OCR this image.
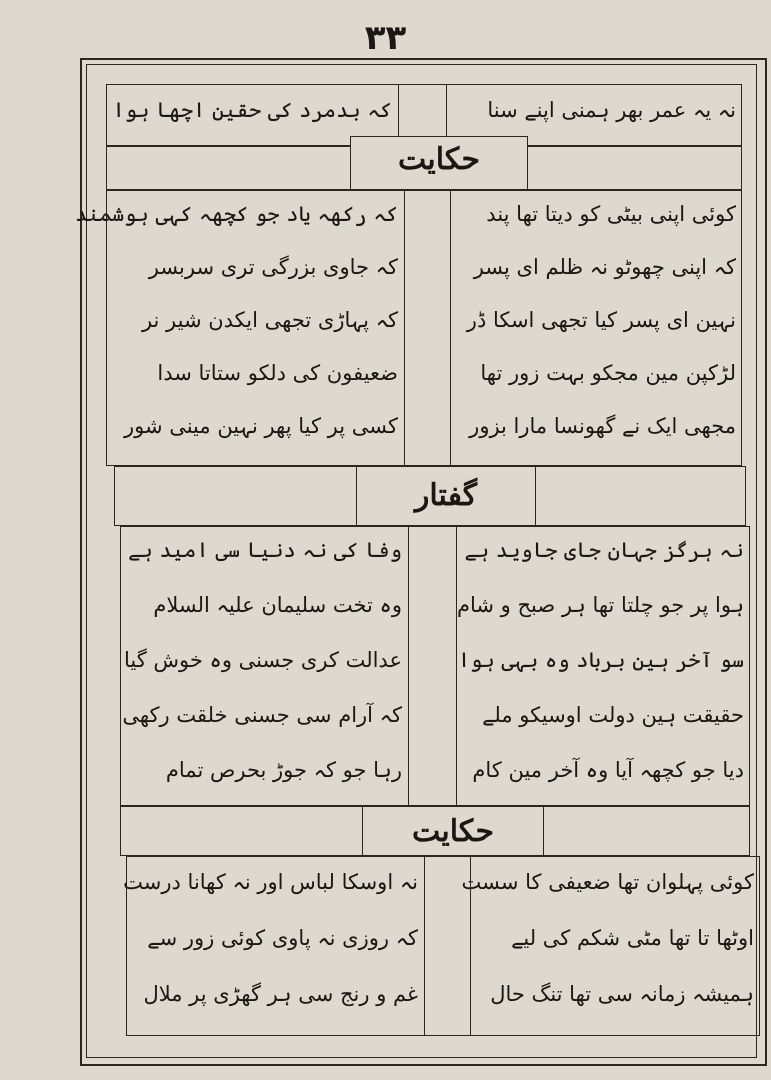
۳۳
نہ یہ عمر بھر ہمنی اپنے سنا
کہ بدمرد کی حقین اچھا ہوا
حکایت
کوئی اپنی بیٹی کو دیتا تھا پند
کہ اپنی چھوٹو نہ ظلم ای پسر
نہین ای پسر کیا تجھی اسکا ڈر
لڑکپن مین مجکو بہت زور تھا
مجھی ایک نے گھونسا مارا بزور
کہ رکھہ یاد جو کچھہ کہی ہوشمند
کہ جاوی بزرگی تری سربسر
کہ پہاڑی تجھی ایکدن شیر نر
ضعیفون کی دلکو ستاتا سدا
کسی پر کیا پھر نہین مینی شور
گفتار
نہ ہرگز جہان جای جاوید ہے
ہوا پر جو چلتا تھا ہر صبح و شام
سو آخر ہین برباد وہ بہی ہوا
حقیقت ہین دولت اوسیکو ملے
دیا جو کچھہ آیا وہ آخر مین کام
وفا کی نہ دنیا سی امید ہے
وہ تخت سلیمان علیہ السلام
عدالت کری جسنی وہ خوش گیا
کہ آرام سی جسنی خلقت رکھی
رہا جو کہ جوڑ بحرص تمام
حکایت
کوئی پہلوان تھا ضعیفی کا سست
اوٹھا تا تھا مٹی شکم کی لیے
ہمیشہ زمانہ سی تھا تنگ حال
نہ اوسکا لباس اور نہ کھانا درست
کہ روزی نہ پاوی کوئی زور سے
غم و رنج سی ہر گھڑی پر ملال
